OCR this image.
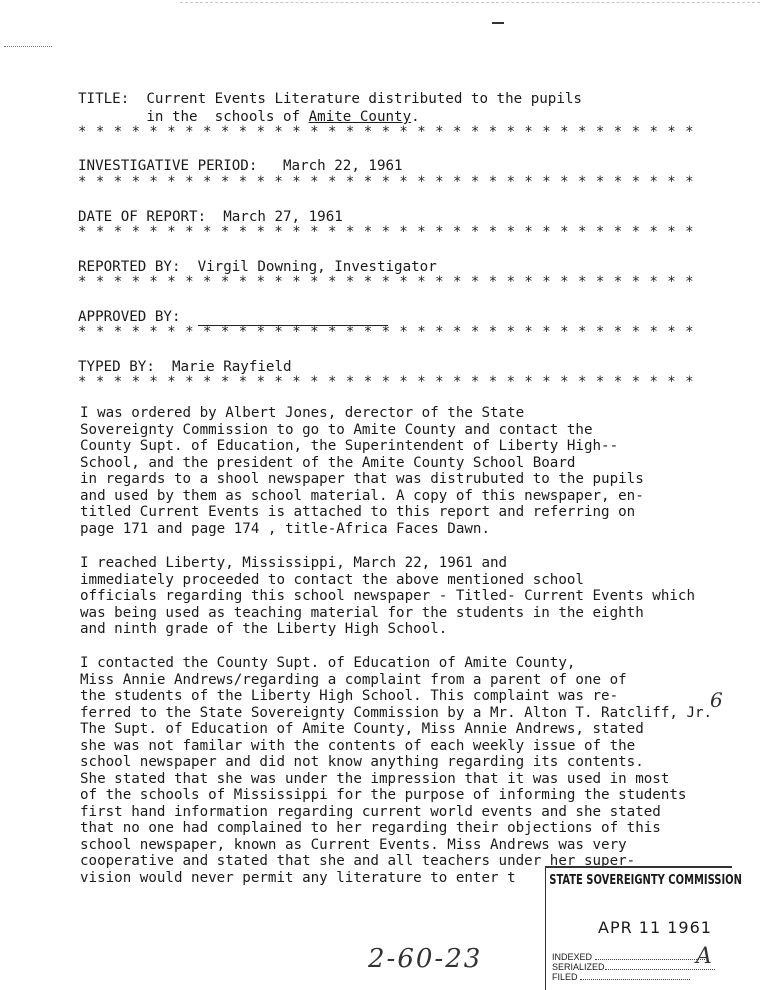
TITLE:  Current Events Literature distributed to the pupils
in the  schools of Amite County.
* * * * * * * * * * * * * * * * * * * * * * * * * * * * * * * * * * *
INVESTIGATIVE PERIOD:   March 22, 1961
* * * * * * * * * * * * * * * * * * * * * * * * * * * * * * * * * * *
DATE OF REPORT:  March 27, 1961
* * * * * * * * * * * * * * * * * * * * * * * * * * * * * * * * * * *
REPORTED BY:  Virgil Downing, Investigator
* * * * * * * * * * * * * * * * * * * * * * * * * * * * * * * * * * *
APPROVED BY:
* * * * * * * * * * * * * * * * * * * * * * * * * * * * * * * * * * *
TYPED BY:  Marie Rayfield
* * * * * * * * * * * * * * * * * * * * * * * * * * * * * * * * * * *

I was ordered by Albert Jones, derector of the State

Sovereignty Commission to go to Amite County and contact the

County Supt. of Education, the Superintendent of Liberty High--

School, and the president of the Amite County School Board

in regards to a shool newspaper that was distrubuted to the pupils

and used by them as school material. A copy of this newspaper, en-

titled Current Events is attached to this report and referring on

page 171 and page 174 , title-Africa Faces Dawn.

I reached Liberty, Mississippi, March 22, 1961 and

immediately proceeded to contact the above mentioned school

officials regarding this school newspaper - Titled- Current Events which

was being used as teaching material for the students in the eighth

and ninth grade of the Liberty High School.

I contacted the County Supt. of Education of Amite County,

Miss Annie Andrews/regarding a complaint from a parent of one of

the students of the Liberty High School. This complaint was re-

ferred to the State Sovereignty Commission by a Mr. Alton T. Ratcliff, Jr.

The Supt. of Education of Amite County, Miss Annie Andrews, stated

she was not familar with the contents of each weekly issue of the

school newspaper and did not know anything regarding its contents.

She stated that she was under the impression that it was used in most

of the schools of Mississippi for the purpose of informing the students

first hand information regarding current world events and she stated

that no one had complained to her regarding their objections of this

school newspaper, known as Current Events. Miss Andrews was very

cooperative and stated that she and all teachers under her super-

vision would never permit any literature to enter t

6
STATE SOVEREIGNTY COMMISSION
APR 11 1961
INDEXED
SERIALIZED
FILED
A
2-60-23
